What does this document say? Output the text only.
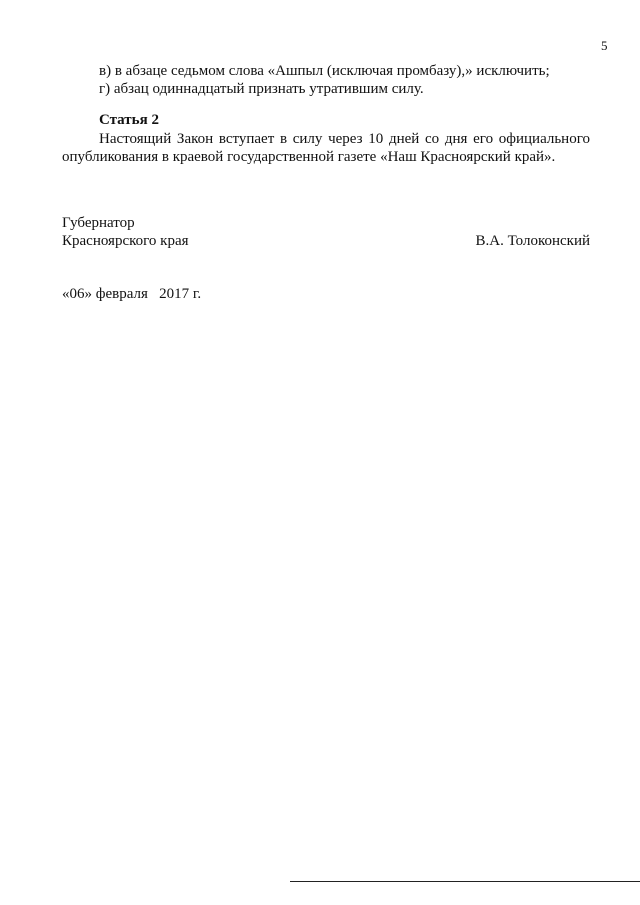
5
в) в абзаце седьмом слова «Ашпыл (исключая промбазу),» исключить;
г) абзац одиннадцатый признать утратившим силу.
Статья 2
Настоящий Закон вступает в силу через 10 дней со дня его официального
опубликования в краевой государственной газете «Наш Красноярский край».
Губернатор
Красноярского края	В.А. Толоконский
«06» февраля   2017 г.
